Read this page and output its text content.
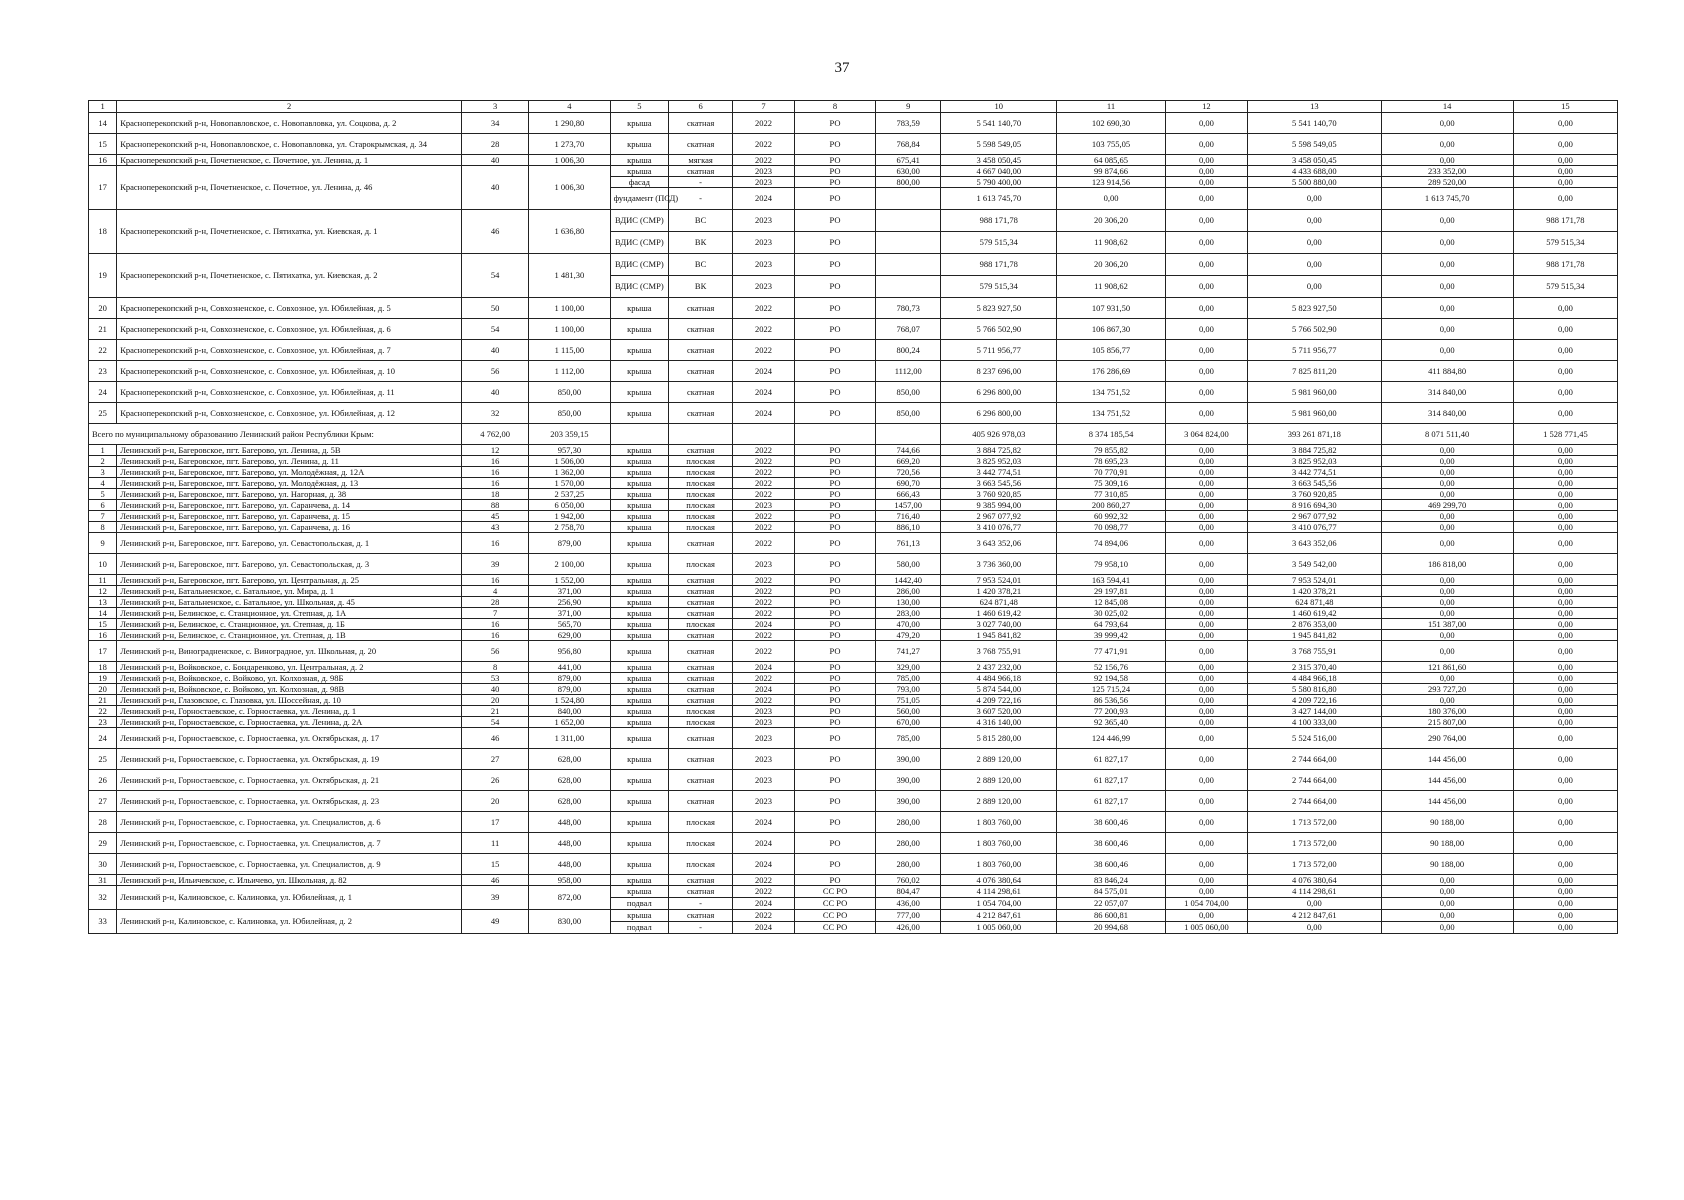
37
1	2	3	4	5	6	7	8	9	10	11	12	13	14	15
14	Красноперекопский р-н, Новопавловское, с. Новопавловка, ул. Соцкова, д. 2	34	1 290,80	крыша	скатная	2022	РО	783,59	5 541 140,70	102 690,30	0,00	5 541 140,70	0,00	0,00
15	Красноперекопский р-н, Новопавловское, с. Новопавловка, ул. Старокрымская, д. 34	28	1 273,70	крыша	скатная	2022	РО	768,84	5 598 549,05	103 755,05	0,00	5 598 549,05	0,00	0,00
16	Красноперекопский р-н, Почетненское, с. Почетное, ул. Ленина, д. 1	40	1 006,30	крыша	мягкая	2022	РО	675,41	3 458 050,45	64 085,65	0,00	3 458 050,45	0,00	0,00
17	Красноперекопский р-н, Почетненское, с. Почетное, ул. Ленина, д. 46	40	1 006,30	крыша	скатная	2023	РО	630,00	4 667 040,00	99 874,66	0,00	4 433 688,00	233 352,00	0,00
				фасад	-	2023	РО	800,00	5 790 400,00	123 914,56	0,00	5 500 880,00	289 520,00	0,00
				фундамент (ПСД)	-	2024	РО		1 613 745,70	0,00	0,00	0,00	1 613 745,70	0,00
18	Красноперекопский р-н, Почетненское, с. Пятихатка, ул. Киевская, д. 1	46	1 636,80	ВДИС (СМР)	ВС	2023	РО		988 171,78	20 306,20	0,00	0,00	0,00	988 171,78
				ВДИС (СМР)	ВК	2023	РО		579 515,34	11 908,62	0,00	0,00	0,00	579 515,34
19	Красноперекопский р-н, Почетненское, с. Пятихатка, ул. Киевская, д. 2	54	1 481,30	ВДИС (СМР)	ВС	2023	РО		988 171,78	20 306,20	0,00	0,00	0,00	988 171,78
				ВДИС (СМР)	ВК	2023	РО		579 515,34	11 908,62	0,00	0,00	0,00	579 515,34
20	Красноперекопский р-н, Совхозненское, с. Совхозное, ул. Юбилейная, д. 5	50	1 100,00	крыша	скатная	2022	РО	780,73	5 823 927,50	107 931,50	0,00	5 823 927,50	0,00	0,00
21	Красноперекопский р-н, Совхозненское, с. Совхозное, ул. Юбилейная, д. 6	54	1 100,00	крыша	скатная	2022	РО	768,07	5 766 502,90	106 867,30	0,00	5 766 502,90	0,00	0,00
22	Красноперекопский р-н, Совхозненское, с. Совхозное, ул. Юбилейная, д. 7	40	1 115,00	крыша	скатная	2022	РО	800,24	5 711 956,77	105 856,77	0,00	5 711 956,77	0,00	0,00
23	Красноперекопский р-н, Совхозненское, с. Совхозное, ул. Юбилейная, д. 10	56	1 112,00	крыша	скатная	2024	РО	1112,00	8 237 696,00	176 286,69	0,00	7 825 811,20	411 884,80	0,00
24	Красноперекопский р-н, Совхозненское, с. Совхозное, ул. Юбилейная, д. 11	40	850,00	крыша	скатная	2024	РО	850,00	6 296 800,00	134 751,52	0,00	5 981 960,00	314 840,00	0,00
25	Красноперекопский р-н, Совхозненское, с. Совхозное, ул. Юбилейная, д. 12	32	850,00	крыша	скатная	2024	РО	850,00	6 296 800,00	134 751,52	0,00	5 981 960,00	314 840,00	0,00
Всего по муниципальному образованию Ленинский район Республики Крым:		4 762,00	203 359,15						405 926 978,03	8 374 185,54	3 064 824,00	393 261 871,18	8 071 511,40	1 528 771,45
1	Ленинский р-н, Багеровское, пгт. Багерово, ул. Ленина, д. 5В	12	957,30	крыша	скатная	2022	РО	744,66	3 884 725,82	79 855,82	0,00	3 884 725,82	0,00	0,00
2	Ленинский р-н, Багеровское, пгт. Багерово, ул. Ленина, д. 11	16	1 506,00	крыша	плоская	2022	РО	669,20	3 825 952,03	78 695,23	0,00	3 825 952,03	0,00	0,00
3	Ленинский р-н, Багеровское, пгт. Багерово, ул. Молодёжная, д. 12А	16	1 362,00	крыша	плоская	2022	РО	720,56	3 442 774,51	70 770,91	0,00	3 442 774,51	0,00	0,00
4	Ленинский р-н, Багеровское, пгт. Багерово, ул. Молодёжная, д. 13	16	1 570,00	крыша	плоская	2022	РО	690,70	3 663 545,56	75 309,16	0,00	3 663 545,56	0,00	0,00
5	Ленинский р-н, Багеровское, пгт. Багерово, ул. Нагорная, д. 38	18	2 537,25	крыша	плоская	2022	РО	666,43	3 760 920,85	77 310,85	0,00	3 760 920,85	0,00	0,00
6	Ленинский р-н, Багеровское, пгт. Багерово, ул. Саранчева, д. 14	88	6 050,00	крыша	плоская	2023	РО	1457,00	9 385 994,00	200 860,27	0,00	8 916 694,30	469 299,70	0,00
7	Ленинский р-н, Багеровское, пгт. Багерово, ул. Саранчева, д. 15	45	1 942,00	крыша	плоская	2022	РО	716,40	2 967 077,92	60 992,32	0,00	2 967 077,92	0,00	0,00
8	Ленинский р-н, Багеровское, пгт. Багерово, ул. Саранчева, д. 16	43	2 758,70	крыша	плоская	2022	РО	886,10	3 410 076,77	70 098,77	0,00	3 410 076,77	0,00	0,00
9	Ленинский р-н, Багеровское, пгт. Багерово, ул. Севастопольская, д. 1	16	879,00	крыша	скатная	2022	РО	761,13	3 643 352,06	74 894,06	0,00	3 643 352,06	0,00	0,00
10	Ленинский р-н, Багеровское, пгт. Багерово, ул. Севастопольская, д. 3	39	2 100,00	крыша	плоская	2023	РО	580,00	3 736 360,00	79 958,10	0,00	3 549 542,00	186 818,00	0,00
11	Ленинский р-н, Багеровское, пгт. Багерово, ул. Центральная, д. 25	16	1 552,00	крыша	скатная	2022	РО	1442,40	7 953 524,01	163 594,41	0,00	7 953 524,01	0,00	0,00
12	Ленинский р-н, Батальненское, с. Батальное, ул. Мира, д. 1	4	371,00	крыша	скатная	2022	РО	286,00	1 420 378,21	29 197,81	0,00	1 420 378,21	0,00	0,00
13	Ленинский р-н, Батальненское, с. Батальное, ул. Школьная, д. 45	28	256,90	крыша	скатная	2022	РО	130,00	624 871,48	12 845,08	0,00	624 871,48	0,00	0,00
14	Ленинский р-н, Белинское, с. Станционное, ул. Степная, д. 1А	7	371,00	крыша	скатная	2022	РО	283,00	1 460 619,42	30 025,02	0,00	1 460 619,42	0,00	0,00
15	Ленинский р-н, Белинское, с. Станционное, ул. Степная, д. 1Б	16	565,70	крыша	плоская	2024	РО	470,00	3 027 740,00	64 793,64	0,00	2 876 353,00	151 387,00	0,00
16	Ленинский р-н, Белинское, с. Станционное, ул. Степная, д. 1В	16	629,00	крыша	скатная	2022	РО	479,20	1 945 841,82	39 999,42	0,00	1 945 841,82	0,00	0,00
17	Ленинский р-н, Виноградненское, с. Виноградное, ул. Школьная, д. 20	56	956,80	крыша	скатная	2022	РО	741,27	3 768 755,91	77 471,91	0,00	3 768 755,91	0,00	0,00
18	Ленинский р-н, Войковское, с. Бондаренково, ул. Центральная, д. 2	8	441,00	крыша	скатная	2024	РО	329,00	2 437 232,00	52 156,76	0,00	2 315 370,40	121 861,60	0,00
19	Ленинский р-н, Войковское, с. Войково, ул. Колхозная, д. 98Б	53	879,00	крыша	скатная	2022	РО	785,00	4 484 966,18	92 194,58	0,00	4 484 966,18	0,00	0,00
20	Ленинский р-н, Войковское, с. Войково, ул. Колхозная, д. 98В	40	879,00	крыша	скатная	2024	РО	793,00	5 874 544,00	125 715,24	0,00	5 580 816,80	293 727,20	0,00
21	Ленинский р-н, Глазовское, с. Глазовка, ул. Шоссейная, д. 10	20	1 524,80	крыша	скатная	2022	РО	751,05	4 209 722,16	86 536,56	0,00	4 209 722,16	0,00	0,00
22	Ленинский р-н, Горностаевское, с. Горностаевка, ул. Ленина, д. 1	21	840,00	крыша	плоская	2023	РО	560,00	3 607 520,00	77 200,93	0,00	3 427 144,00	180 376,00	0,00
23	Ленинский р-н, Горностаевское, с. Горностаевка, ул. Ленина, д. 2А	54	1 652,00	крыша	плоская	2023	РО	670,00	4 316 140,00	92 365,40	0,00	4 100 333,00	215 807,00	0,00
24	Ленинский р-н, Горностаевское, с. Горностаевка, ул. Октябрьская, д. 17	46	1 311,00	крыша	скатная	2023	РО	785,00	5 815 280,00	124 446,99	0,00	5 524 516,00	290 764,00	0,00
25	Ленинский р-н, Горностаевское, с. Горностаевка, ул. Октябрьская, д. 19	27	628,00	крыша	скатная	2023	РО	390,00	2 889 120,00	61 827,17	0,00	2 744 664,00	144 456,00	0,00
26	Ленинский р-н, Горностаевское, с. Горностаевка, ул. Октябрьская, д. 21	26	628,00	крыша	скатная	2023	РО	390,00	2 889 120,00	61 827,17	0,00	2 744 664,00	144 456,00	0,00
27	Ленинский р-н, Горностаевское, с. Горностаевка, ул. Октябрьская, д. 23	20	628,00	крыша	скатная	2023	РО	390,00	2 889 120,00	61 827,17	0,00	2 744 664,00	144 456,00	0,00
28	Ленинский р-н, Горностаевское, с. Горностаевка, ул. Специалистов, д. 6	17	448,00	крыша	плоская	2024	РО	280,00	1 803 760,00	38 600,46	0,00	1 713 572,00	90 188,00	0,00
29	Ленинский р-н, Горностаевское, с. Горностаевка, ул. Специалистов, д. 7	11	448,00	крыша	плоская	2024	РО	280,00	1 803 760,00	38 600,46	0,00	1 713 572,00	90 188,00	0,00
30	Ленинский р-н, Горностаевское, с. Горностаевка, ул. Специалистов, д. 9	15	448,00	крыша	плоская	2024	РО	280,00	1 803 760,00	38 600,46	0,00	1 713 572,00	90 188,00	0,00
31	Ленинский р-н, Ильичевское, с. Ильичево, ул. Школьная, д. 82	46	958,00	крыша	скатная	2022	РО	760,02	4 076 380,64	83 846,24	0,00	4 076 380,64	0,00	0,00
32	Ленинский р-н, Калиновское, с. Калиновка, ул. Юбилейная, д. 1	39	872,00	крыша	скатная	2022	СС РО	804,47	4 114 298,61	84 575,01	0,00	4 114 298,61	0,00	0,00
				подвал	-	2024	СС РО	436,00	1 054 704,00	22 057,07	1 054 704,00	0,00	0,00	0,00
33	Ленинский р-н, Калиновское, с. Калиновка, ул. Юбилейная, д. 2	49	830,00	крыша	скатная	2022	СС РО	777,00	4 212 847,61	86 600,81	0,00	4 212 847,61	0,00	0,00
				подвал	-	2024	СС РО	426,00	1 005 060,00	20 994,68	1 005 060,00	0,00	0,00	0,00
